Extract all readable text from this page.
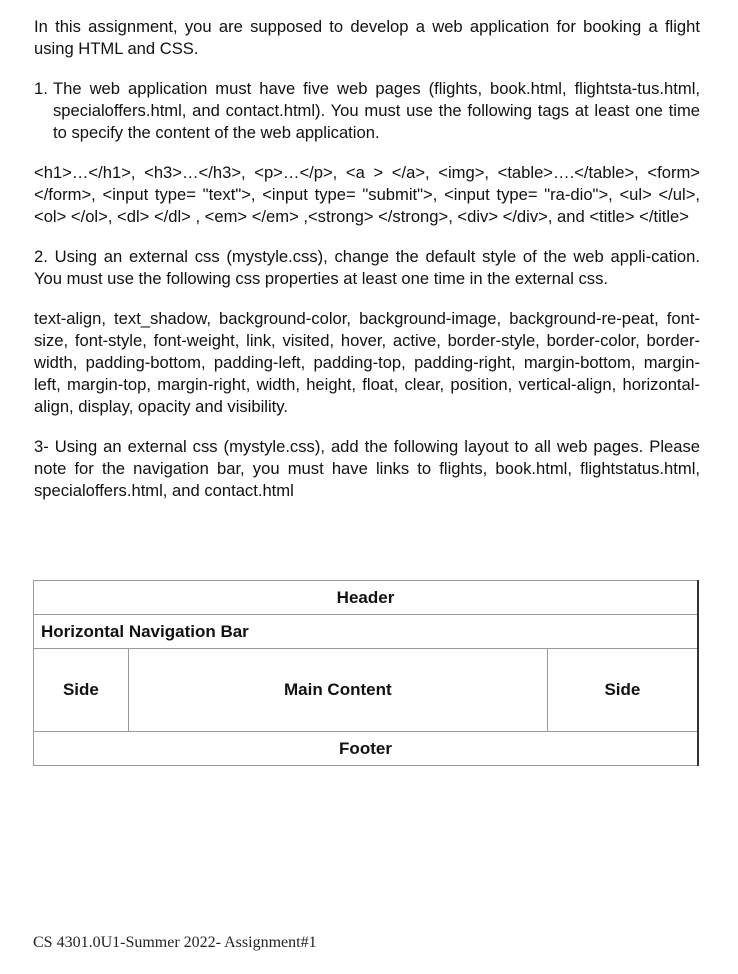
In this assignment, you are supposed to develop a web application for booking a flight using HTML and CSS.

1. The web application must have five web pages (flights, book.html, flightsta-tus.html, specialoffers.html, and contact.html). You must use the following tags at least one time to specify the content of the web application.

<h1>…</h1>, <h3>…</h3>, <p>…</p>, <a > </a>, <img>, <table>….</table>, <form> </form>, <input type= "text">, <input type= "submit">, <input type= "ra-dio">, <ul> </ul>, <ol> </ol>, <dl> </dl> , <em> </em> ,<strong> </strong>, <div> </div>, and <title> </title>

2. Using an external css (mystyle.css), change the default style of the web appli-cation. You must use the following css properties at least one time in the external css.

text-align, text_shadow, background-color, background-image, background-re-peat, font-size, font-style, font-weight, link, visited, hover, active, border-style, border-color, border-width, padding-bottom, padding-left, padding-top, padding-right, margin-bottom, margin-left, margin-top, margin-right, width, height, float, clear, position, vertical-align, horizontal-align, display, opacity and visibility.

3- Using an external css (mystyle.css), add the following layout to all web pages. Please note for the navigation bar, you must have links to flights, book.html, flightstatus.html, specialoffers.html, and contact.html

Header
Horizontal Navigation Bar
Side	Main Content	Side
Footer
CS 4301.0U1-Summer 2022- Assignment#1
